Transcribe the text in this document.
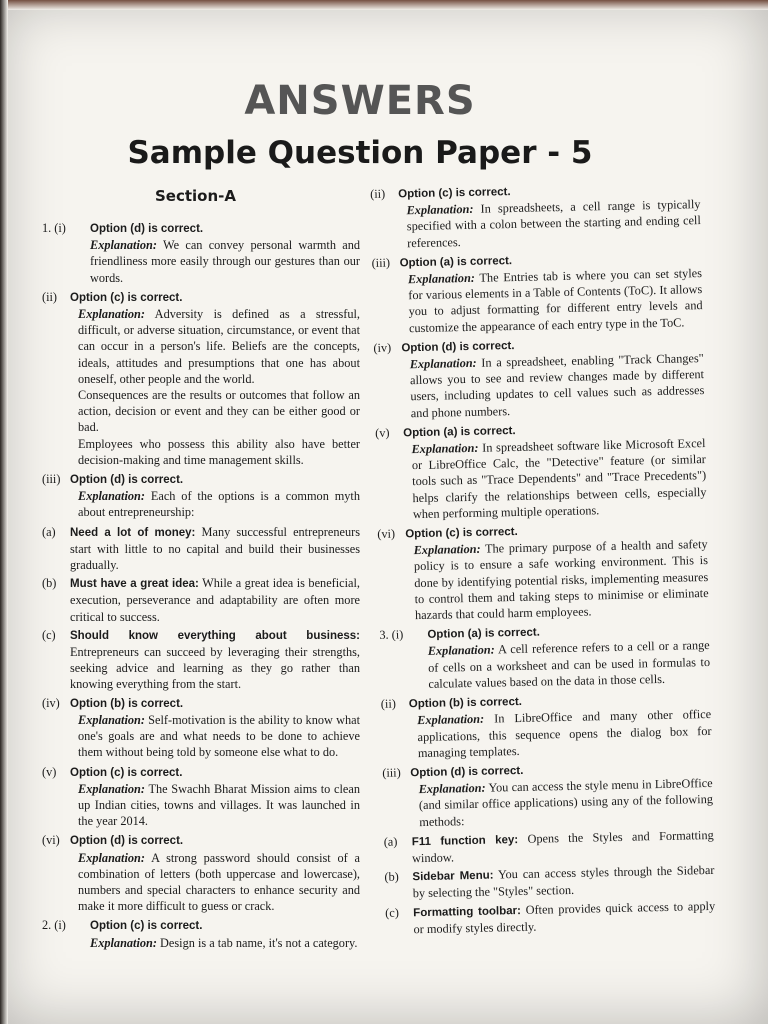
ANSWERS
Sample Question Paper - 5
Section-A
1. (i)	Option (d) is correct.
Explanation: We can convey personal warmth and friendliness more easily through our gestures than our words.
(ii) Option (c) is correct.
Explanation: Adversity is defined as a stressful, difficult, or adverse situation, circumstance, or event that can occur in a person's life. Beliefs are the concepts, ideals, attitudes and presumptions that one has about oneself, other people and the world.
Consequences are the results or outcomes that follow an action, decision or event and they can be either good or bad.
Employees who possess this ability also have better decision-making and time management skills.
(iii) Option (d) is correct.
Explanation: Each of the options is a common myth about entrepreneurship:
(a) Need a lot of money: Many successful entrepreneurs start with little to no capital and build their businesses gradually.
(b) Must have a great idea: While a great idea is beneficial, execution, perseverance and adaptability are often more critical to success.
(c) Should know everything about business: Entrepreneurs can succeed by leveraging their strengths, seeking advice and learning as they go rather than knowing everything from the start.
(iv) Option (b) is correct.
Explanation: Self-motivation is the ability to know what one's goals are and what needs to be done to achieve them without being told by someone else what to do.
(v) Option (c) is correct.
Explanation: The Swachh Bharat Mission aims to clean up Indian cities, towns and villages. It was launched in the year 2014.
(vi) Option (d) is correct.
Explanation: A strong password should consist of a combination of letters (both uppercase and lowercase), numbers and special characters to enhance security and make it more difficult to guess or crack.
2. (i)	Option (c) is correct.
Explanation: Design is a tab name, it's not a category.
(ii) Option (c) is correct.
Explanation: In spreadsheets, a cell range is typically specified with a colon between the starting and ending cell references.
(iii) Option (a) is correct.
Explanation: The Entries tab is where you can set styles for various elements in a Table of Contents (ToC). It allows you to adjust formatting for different entry levels and customize the appearance of each entry type in the ToC.
(iv) Option (d) is correct.
Explanation: In a spreadsheet, enabling "Track Changes" allows you to see and review changes made by different users, including updates to cell values such as addresses and phone numbers.
(v) Option (a) is correct.
Explanation: In spreadsheet software like Microsoft Excel or LibreOffice Calc, the "Detective" feature (or similar tools such as "Trace Dependents" and "Trace Precedents") helps clarify the relationships between cells, especially when performing multiple operations.
(vi) Option (c) is correct.
Explanation: The primary purpose of a health and safety policy is to ensure a safe working environment. This is done by identifying potential risks, implementing measures to control them and taking steps to minimise or eliminate hazards that could harm employees.
3. (i)	Option (a) is correct.
Explanation: A cell reference refers to a cell or a range of cells on a worksheet and can be used in formulas to calculate values based on the data in those cells.
(ii) Option (b) is correct.
Explanation: In LibreOffice and many other office applications, this sequence opens the dialog box for managing templates.
(iii) Option (d) is correct.
Explanation: You can access the style menu in LibreOffice (and similar office applications) using any of the following methods:
(a) F11 function key: Opens the Styles and Formatting window.
(b) Sidebar Menu: You can access styles through the Sidebar by selecting the "Styles" section.
(c) Formatting toolbar: Often provides quick access to apply or modify styles directly.
